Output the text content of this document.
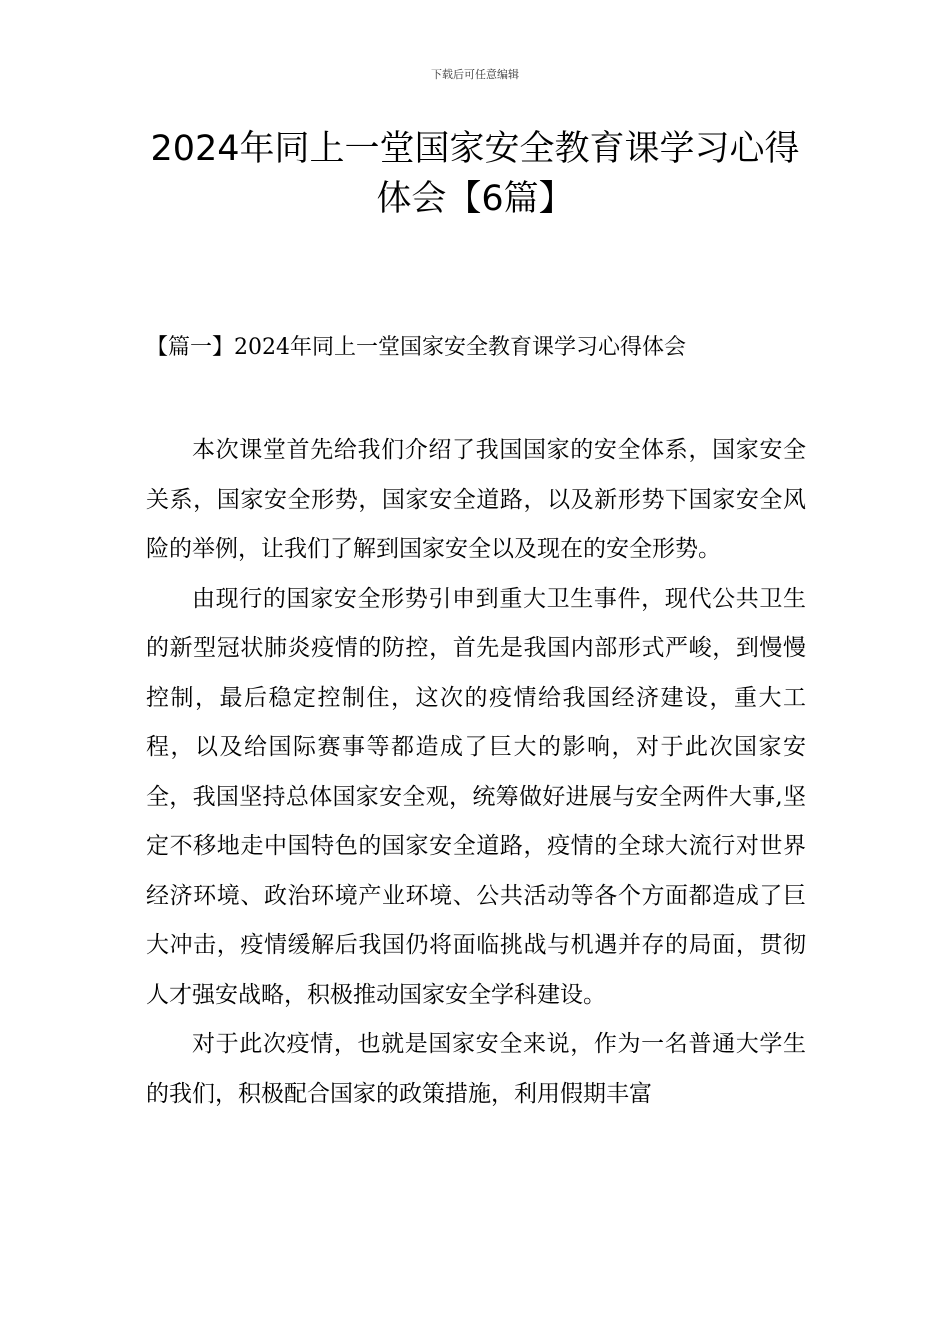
下载后可任意编辑
2024年同上一堂国家安全教育课学习心得
体会【6篇】
【篇一】2024年同上一堂国家安全教育课学习心得体会

本次课堂首先给我们介绍了我国国家的安全体系，国家安全关系，国家安全形势，国家安全道路，以及新形势下国家安全风险的举例，让我们了解到国家安全以及现在的安全形势。

由现行的国家安全形势引申到重大卫生事件，现代公共卫生的新型冠状肺炎疫情的防控，首先是我国内部形式严峻，到慢慢控制，最后稳定控制住，这次的疫情给我国经济建设，重大工程，以及给国际赛事等都造成了巨大的影响，对于此次国家安全，我国坚持总体国家安全观，统筹做好进展与安全两件大事,坚定不移地走中国特色的国家安全道路，疫情的全球大流行对世界经济环境、政治环境产业环境、公共活动等各个方面都造成了巨大冲击，疫情缓解后我国仍将面临挑战与机遇并存的局面，贯彻人才强安战略，积极推动国家安全学科建设。

对于此次疫情，也就是国家安全来说，作为一名普通大学生的我们，积极配合国家的政策措施，利用假期丰富
